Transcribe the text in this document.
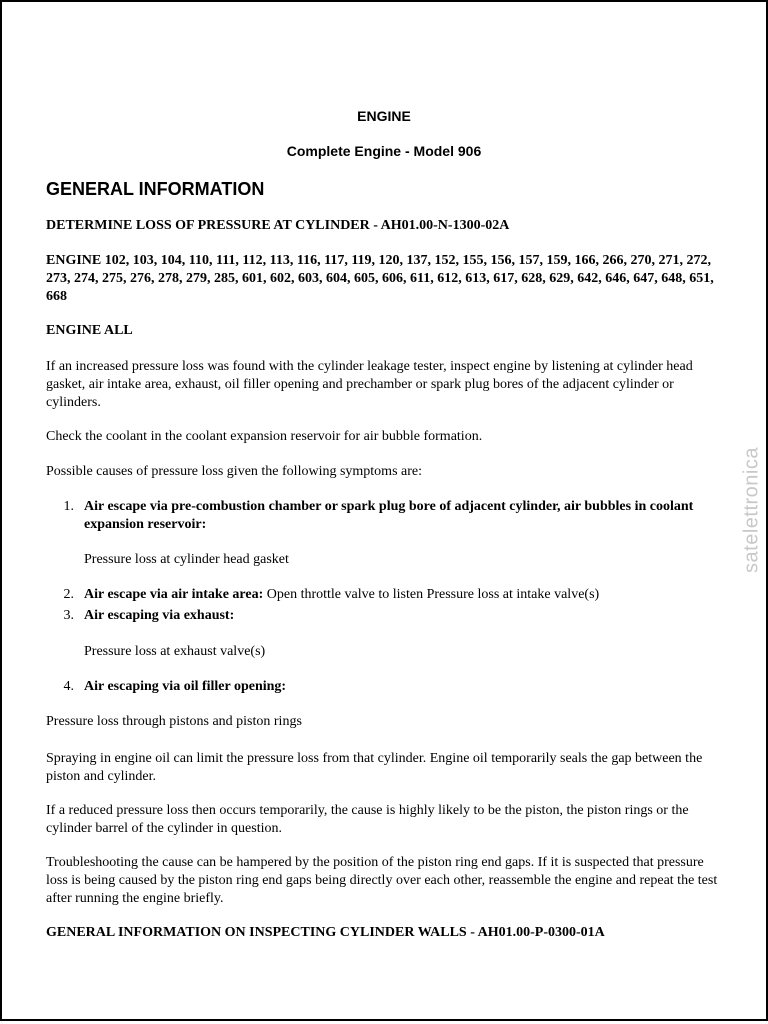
ENGINE
Complete Engine - Model 906
GENERAL INFORMATION
DETERMINE LOSS OF PRESSURE AT CYLINDER - AH01.00-N-1300-02A
ENGINE 102, 103, 104, 110, 111, 112, 113, 116, 117, 119, 120, 137, 152, 155, 156, 157, 159, 166, 266, 270, 271, 272, 273, 274, 275, 276, 278, 279, 285, 601, 602, 603, 604, 605, 606, 611, 612, 613, 617, 628, 629, 642, 646, 647, 648, 651, 668
ENGINE ALL
If an increased pressure loss was found with the cylinder leakage tester, inspect engine by listening at cylinder head gasket, air intake area, exhaust, oil filler opening and prechamber or spark plug bores of the adjacent cylinder or cylinders.
Check the coolant in the coolant expansion reservoir for air bubble formation.
Possible causes of pressure loss given the following symptoms are:
1. Air escape via pre-combustion chamber or spark plug bore of adjacent cylinder, air bubbles in coolant expansion reservoir:
Pressure loss at cylinder head gasket
2. Air escape via air intake area: Open throttle valve to listen Pressure loss at intake valve(s)
3. Air escaping via exhaust:
Pressure loss at exhaust valve(s)
4. Air escaping via oil filler opening:
Pressure loss through pistons and piston rings
Spraying in engine oil can limit the pressure loss from that cylinder. Engine oil temporarily seals the gap between the piston and cylinder.
If a reduced pressure loss then occurs temporarily, the cause is highly likely to be the piston, the piston rings or the cylinder barrel of the cylinder in question.
Troubleshooting the cause can be hampered by the position of the piston ring end gaps. If it is suspected that pressure loss is being caused by the piston ring end gaps being directly over each other, reassemble the engine and repeat the test after running the engine briefly.
GENERAL INFORMATION ON INSPECTING CYLINDER WALLS - AH01.00-P-0300-01A
satelettronica
